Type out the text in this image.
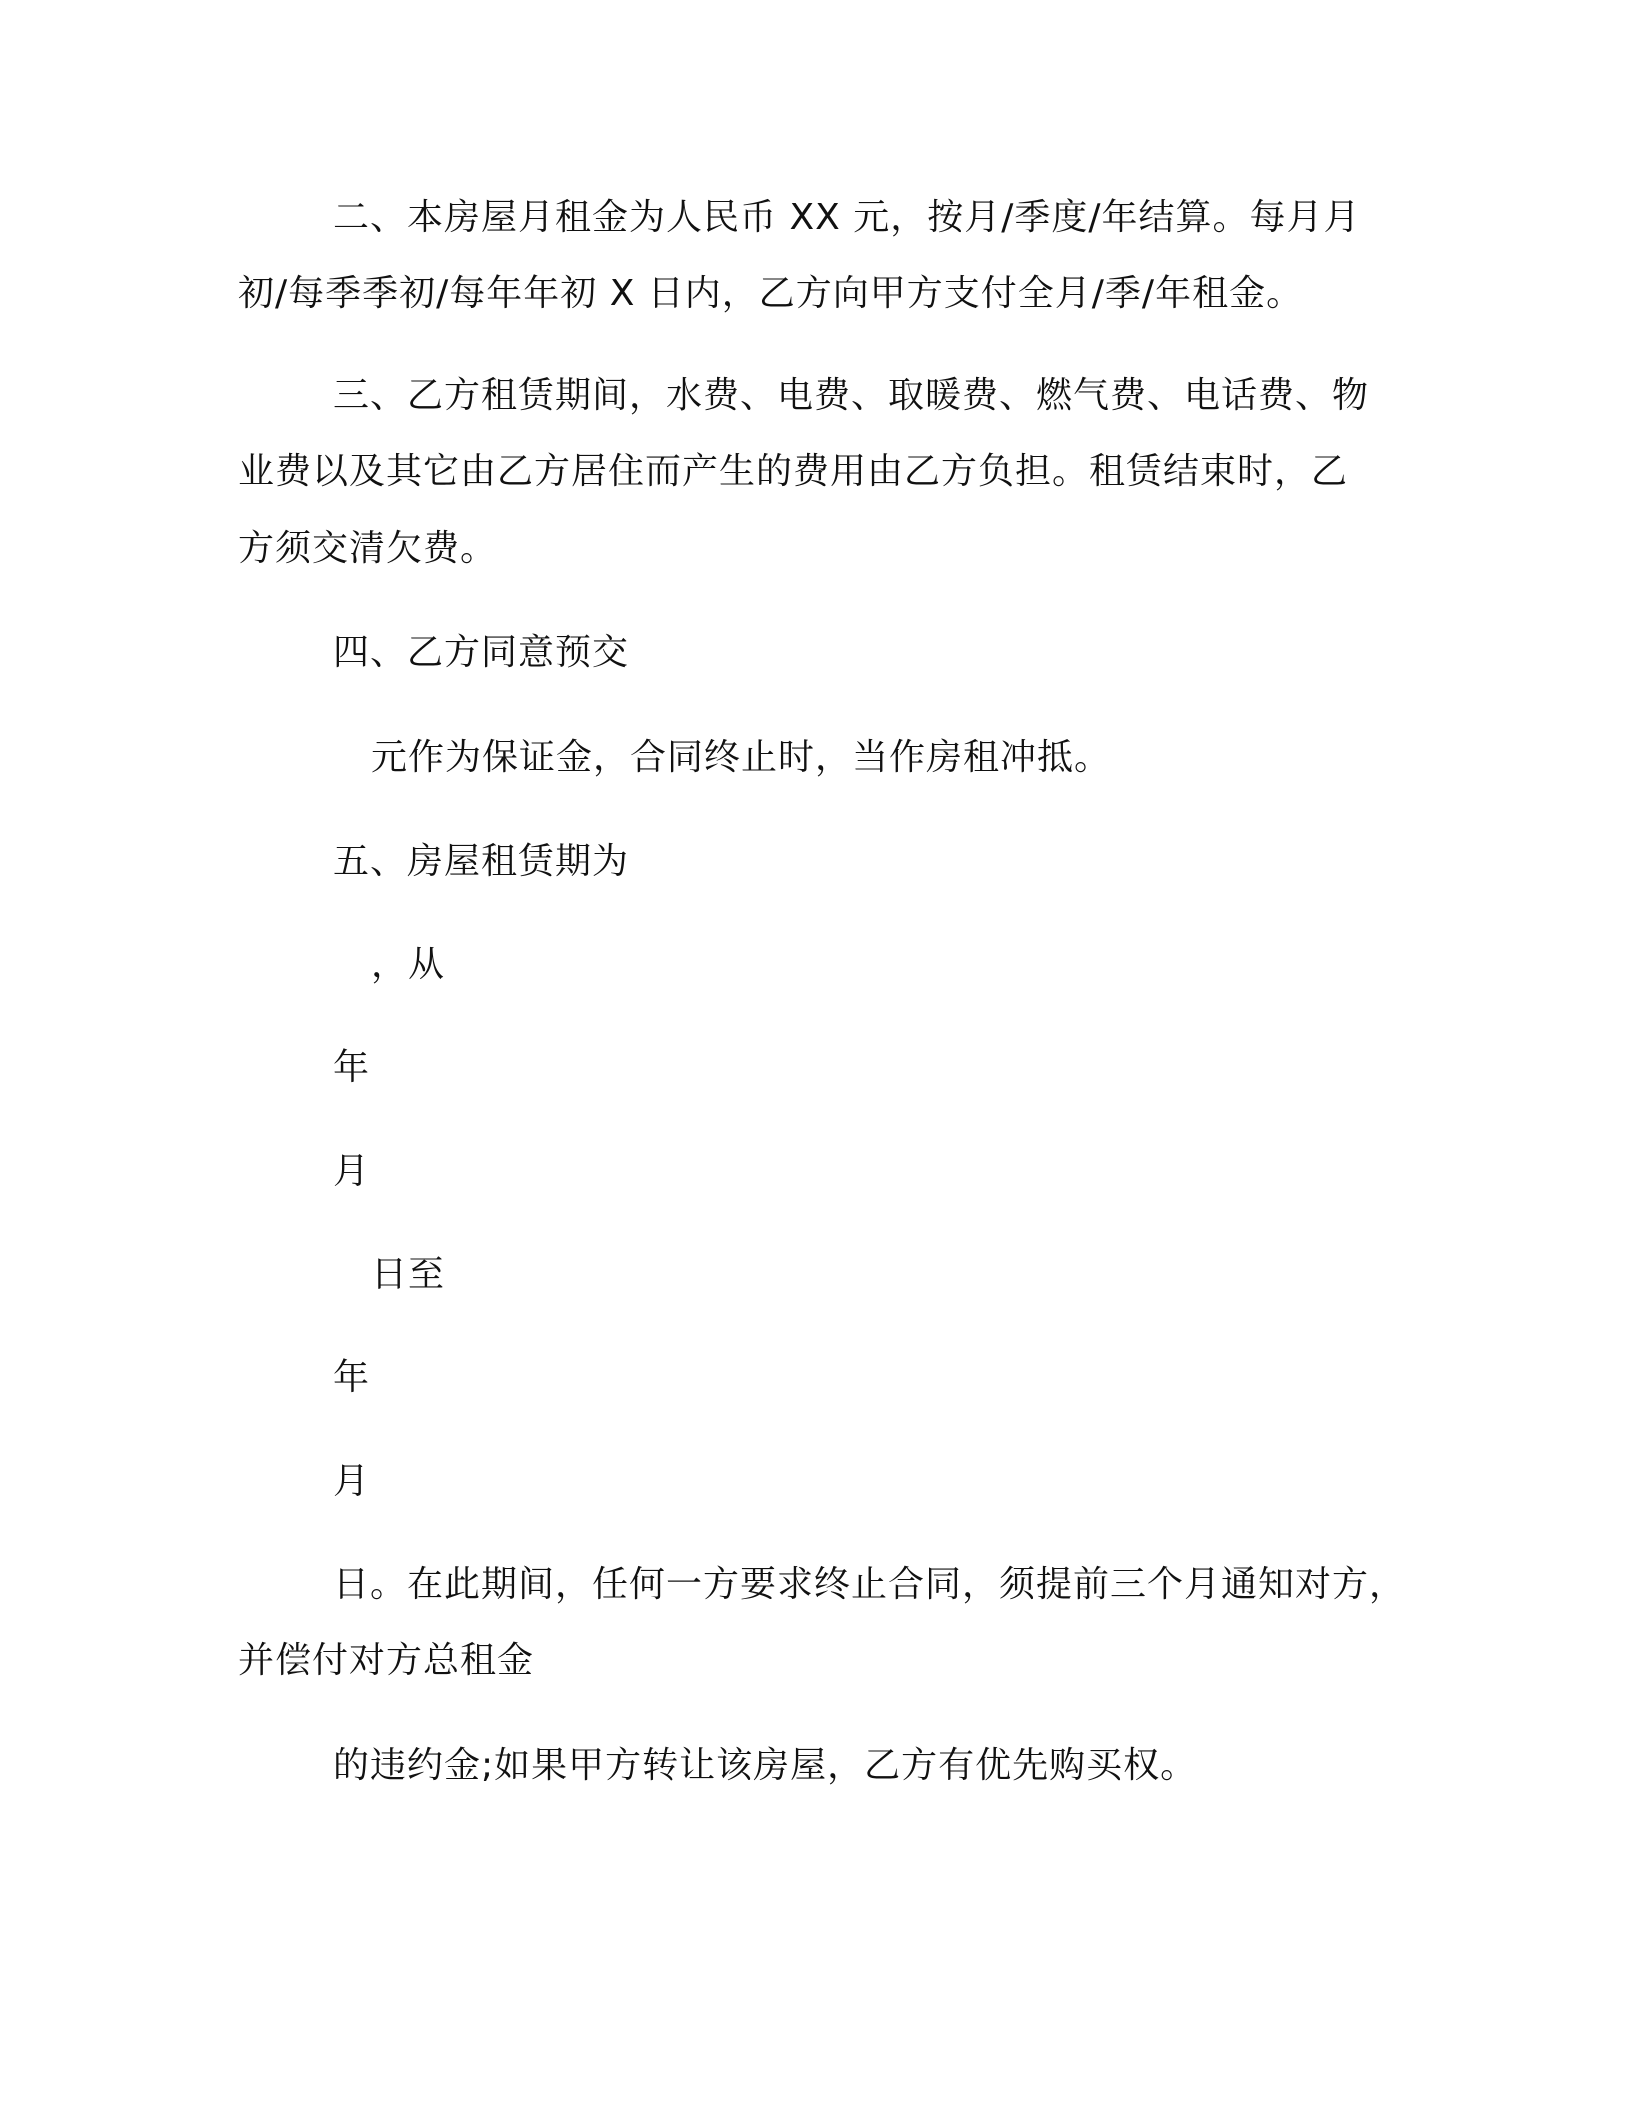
二、本房屋月租金为人民币 XX 元，按月/季度/年结算。每月月
初/每季季初/每年年初 X 日内，乙方向甲方支付全月/季/年租金。
三、乙方租赁期间，水费、电费、取暖费、燃气费、电话费、物
业费以及其它由乙方居住而产生的费用由乙方负担。租赁结束时，乙
方须交清欠费。
四、乙方同意预交
元作为保证金，合同终止时，当作房租冲抵。
五、房屋租赁期为
，从
年
月
日至
年
月
日。在此期间，任何一方要求终止合同，须提前三个月通知对方，
并偿付对方总租金
的违约金;如果甲方转让该房屋，乙方有优先购买权。
